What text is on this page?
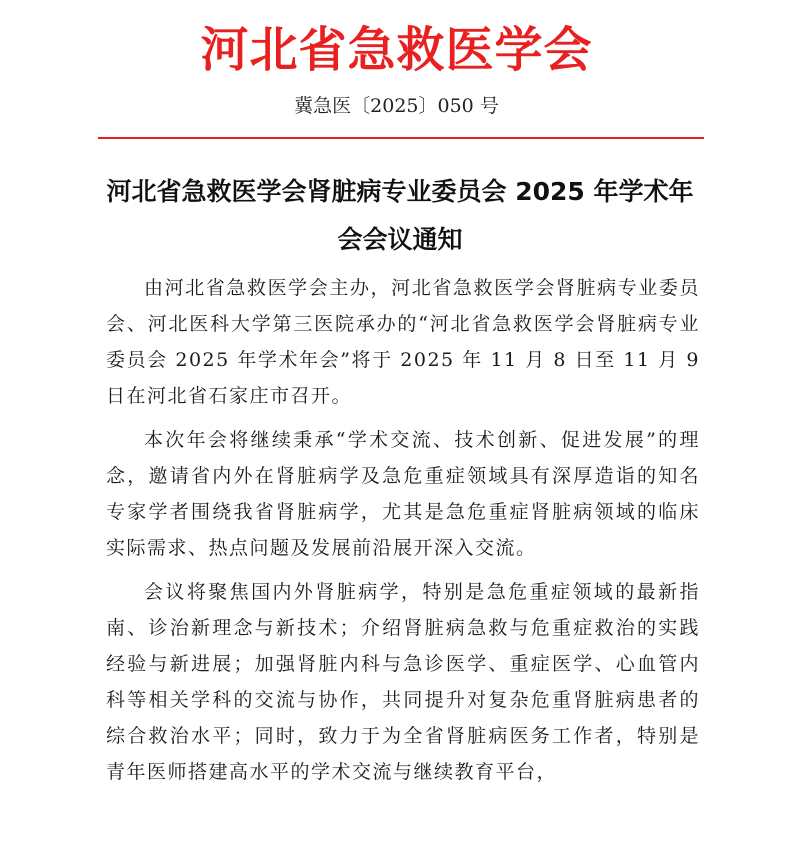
河北省急救医学会
冀急医〔2025〕050 号
河北省急救医学会肾脏病专业委员会 2025 年学术年会会议通知

由河北省急救医学会主办，河北省急救医学会肾脏病专业委员会、河北医科大学第三医院承办的“河北省急救医学会肾脏病专业委员会 2025 年学术年会”将于 2025 年 11 月 8 日至 11 月 9 日在河北省石家庄市召开。

本次年会将继续秉承“学术交流、技术创新、促进发展”的理念，邀请省内外在肾脏病学及急危重症领域具有深厚造诣的知名专家学者围绕我省肾脏病学，尤其是急危重症肾脏病领域的临床实际需求、热点问题及发展前沿展开深入交流。

会议将聚焦国内外肾脏病学，特别是急危重症领域的最新指南、诊治新理念与新技术；介绍肾脏病急救与危重症救治的实践经验与新进展；加强肾脏内科与急诊医学、重症医学、心血管内科等相关学科的交流与协作，共同提升对复杂危重肾脏病患者的综合救治水平；同时，致力于为全省肾脏病医务工作者，特别是青年医师搭建高水平的学术交流与继续教育平台，
